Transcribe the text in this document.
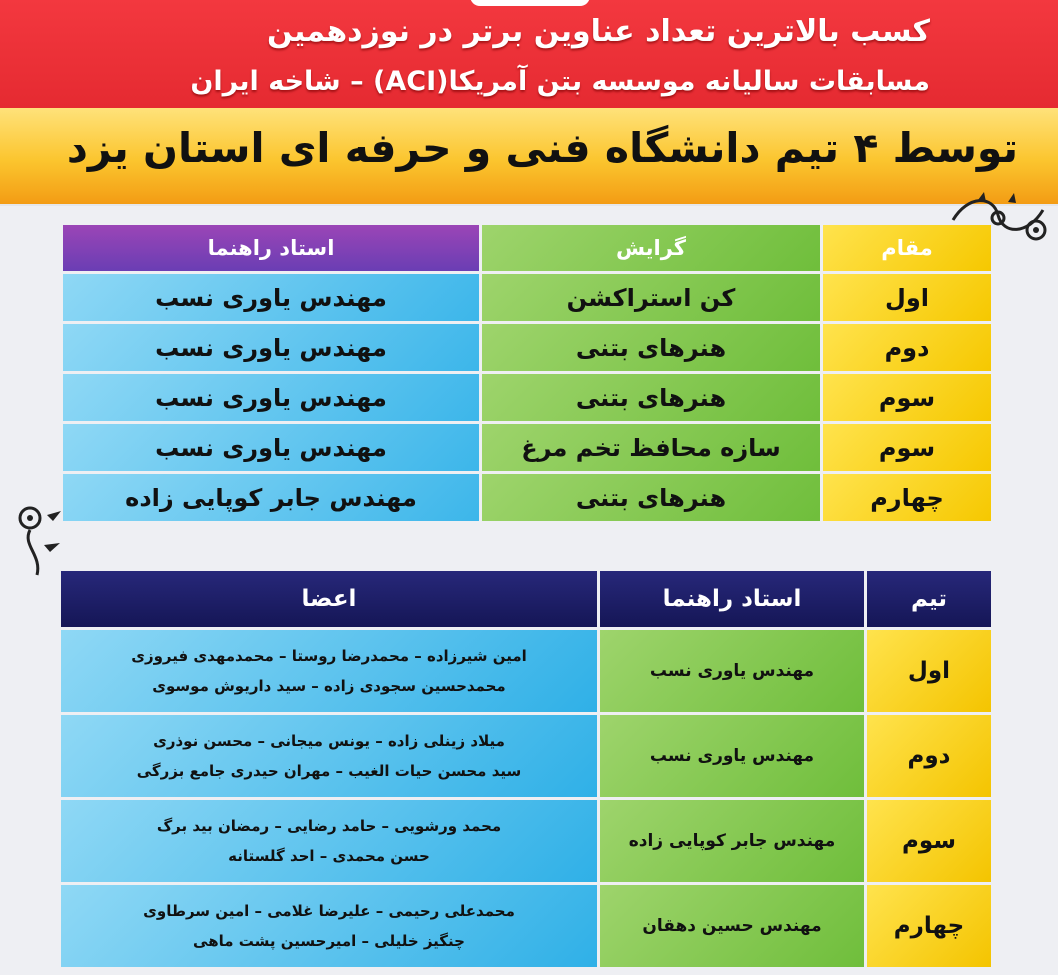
کسب بالاترین تعداد عناوین برتر در نوزدهمین
مسابقات سالیانه موسسه بتن آمریکا(ACI) – شاخه ایران
توسط ۴ تیم دانشگاه فنی و حرفه ای استان یزد
مقام	گرایش	استاد راهنما
اول	کن استراکشن	مهندس یاوری نسب
دوم	هنرهای بتنی	مهندس یاوری نسب
سوم	هنرهای بتنی	مهندس یاوری نسب
سوم	سازه محافظ تخم مرغ	مهندس یاوری نسب
چهارم	هنرهای بتنی	مهندس جابر کوپایی زاده
تیم	استاد راهنما	اعضا
اول	مهندس یاوری نسب	امین شیرزاده – محمدرضا روستا – محمدمهدی فیروزی
محمدحسین سجودی زاده – سید داریوش موسوی

دوم	مهندس یاوری نسب	میلاد زینلی زاده – یونس میجانی – محسن نوذری
سید محسن حیات الغیب – مهران حیدری جامع بزرگی

سوم	مهندس جابر کوپایی زاده	محمد ورشویی – حامد رضایی – رمضان بید برگ
حسن محمدی – احد گلستانه

چهارم	مهندس حسین دهقان	محمدعلی رحیمی – علیرضا غلامی – امین سرطاوی
چنگیز خلیلی – امیرحسین پشت ماهی
